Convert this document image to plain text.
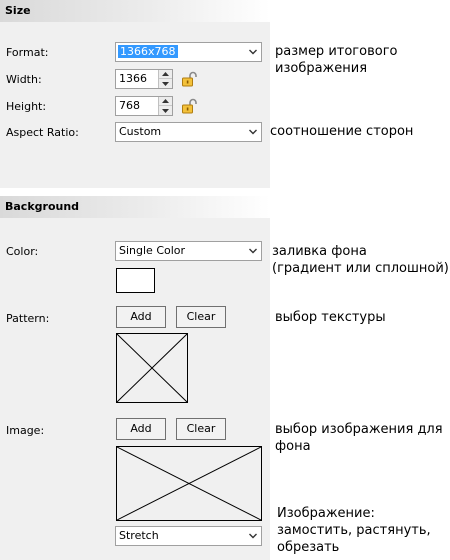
Size
Format:	1366x768
Width:	1366
Height:	768
Aspect Ratio:	Custom
Background
Color:	Single Color
Pattern:	Add	Clear
Image:	Add	Clear
Stretch
размер итогового
изображения
соотношение сторон
заливка фона
(градиент или сплошной)
выбор текстуры
выбор изображения для
фона
Изображение:
замостить, растянуть,
обрезать
